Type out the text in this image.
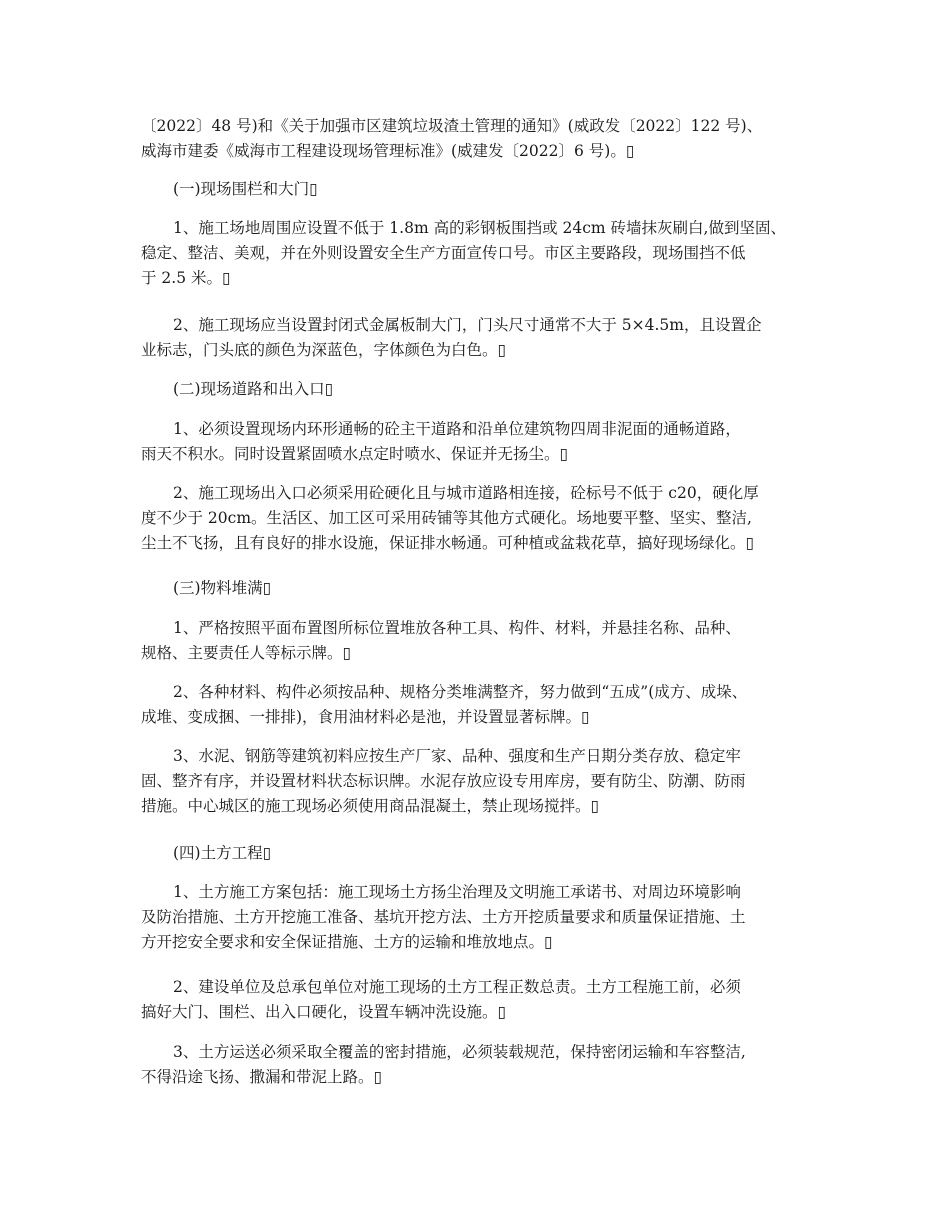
〔2022〕48 号)和《关于加强市区建筑垃圾渣土管理的通知》(威政发〔2022〕122 号)、
威海市建委《威海市工程建设现场管理标准》(威建发〔2022〕6 号)。▯
(一)现场围栏和大门▯
1、施工场地周围应设置不低于 1.8m 高的彩钢板围挡或 24cm 砖墙抹灰刷白,做到坚固、
稳定、整洁、美观，并在外则设置安全生产方面宣传口号。市区主要路段，现场围挡不低
于 2.5 米。▯
2、施工现场应当设置封闭式金属板制大门，门头尺寸通常不大于 5×4.5m，且设置企
业标志，门头底的颜色为深蓝色，字体颜色为白色。▯
(二)现场道路和出入口▯
1、必须设置现场内环形通畅的砼主干道路和沿单位建筑物四周非泥面的通畅道路，
雨天不积水。同时设置紧固喷水点定时喷水、保证并无扬尘。▯
2、施工现场出入口必须采用砼硬化且与城市道路相连接，砼标号不低于 c20，硬化厚
度不少于 20cm。生活区、加工区可采用砖铺等其他方式硬化。场地要平整、坚实、整洁,
尘土不飞扬，且有良好的排水设施，保证排水畅通。可种植或盆栽花草，搞好现场绿化。▯
(三)物料堆满▯
1、严格按照平面布置图所标位置堆放各种工具、构件、材料，并悬挂名称、品种、
规格、主要责任人等标示牌。▯
2、各种材料、构件必须按品种、规格分类堆满整齐，努力做到“五成”(成方、成垛、
成堆、变成捆、一排排)，食用油材料必是池，并设置显著标牌。▯
3、水泥、钢筋等建筑初料应按生产厂家、品种、强度和生产日期分类存放、稳定牢
固、整齐有序，并设置材料状态标识牌。水泥存放应设专用库房，要有防尘、防潮、防雨
措施。中心城区的施工现场必须使用商品混凝土，禁止现场搅拌。▯
(四)土方工程▯
1、土方施工方案包括：施工现场土方扬尘治理及文明施工承诺书、对周边环境影响
及防治措施、土方开挖施工准备、基坑开挖方法、土方开挖质量要求和质量保证措施、土
方开挖安全要求和安全保证措施、土方的运输和堆放地点。▯
2、建设单位及总承包单位对施工现场的土方工程正数总责。土方工程施工前，必须
搞好大门、围栏、出入口硬化，设置车辆冲洗设施。▯
3、土方运送必须采取全覆盖的密封措施，必须装载规范，保持密闭运输和车容整洁,
不得沿途飞扬、撒漏和带泥上路。▯
